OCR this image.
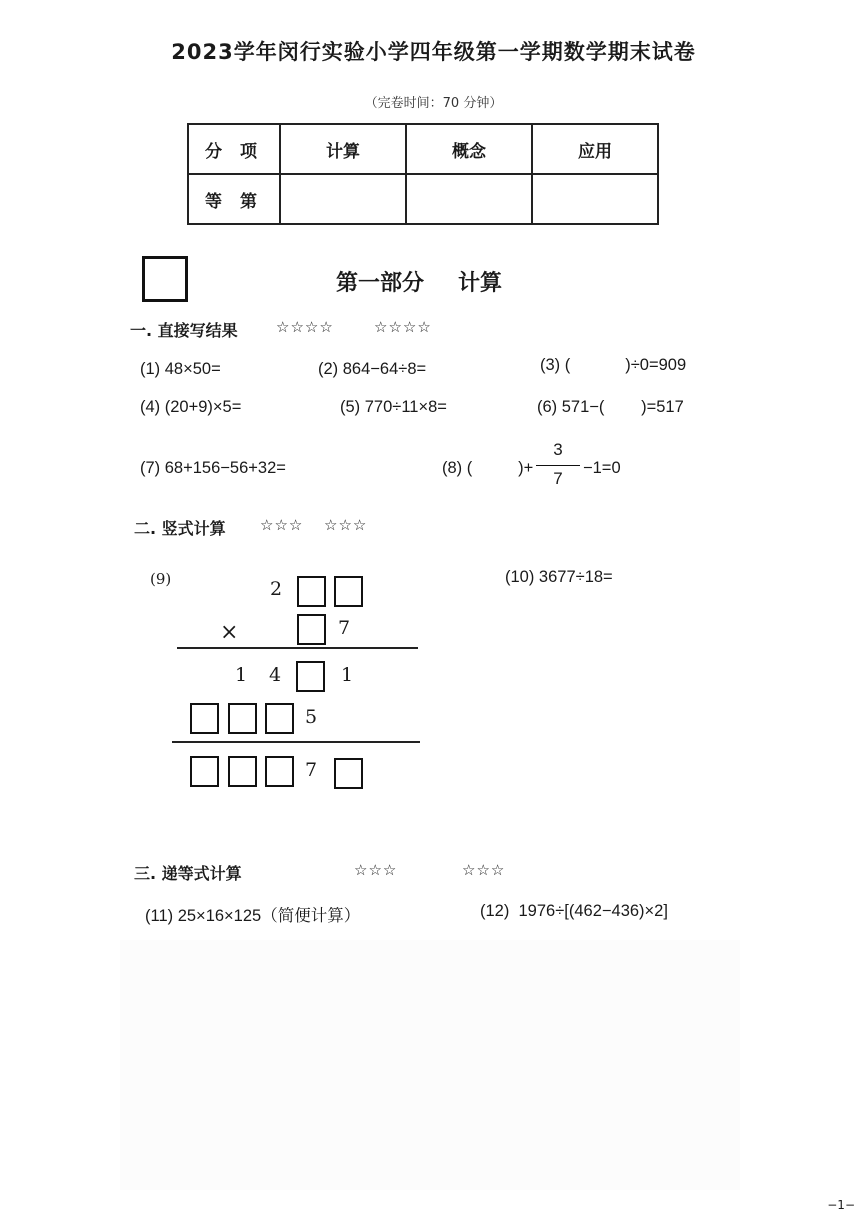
2023学年闵行实验小学四年级第一学期数学期末试卷
（完卷时间：70 分钟）
分 项	计算	概念	应用
等 第			
第一部分 计算
一. 直接写结果	☆☆☆☆	☆☆☆☆
(1) 48×50=	(2) 864−64÷8=	(3) (            )÷0=909
(4) (20+9)×5=	(5) 770÷11×8=	(6) 571−(        )=517
(7) 68+156−56+32=	(8) (          )+
3
7
−1=0
二. 竖式计算 ☆☆☆ ☆☆☆
(9)	(10) 3677÷18=
2
×	7
1 4	1
5
7
三. 递等式计算	☆☆☆	☆☆☆
(11) 25×16×125（简便计算）	(12)  1976÷[(462−436)×2]
−1−
